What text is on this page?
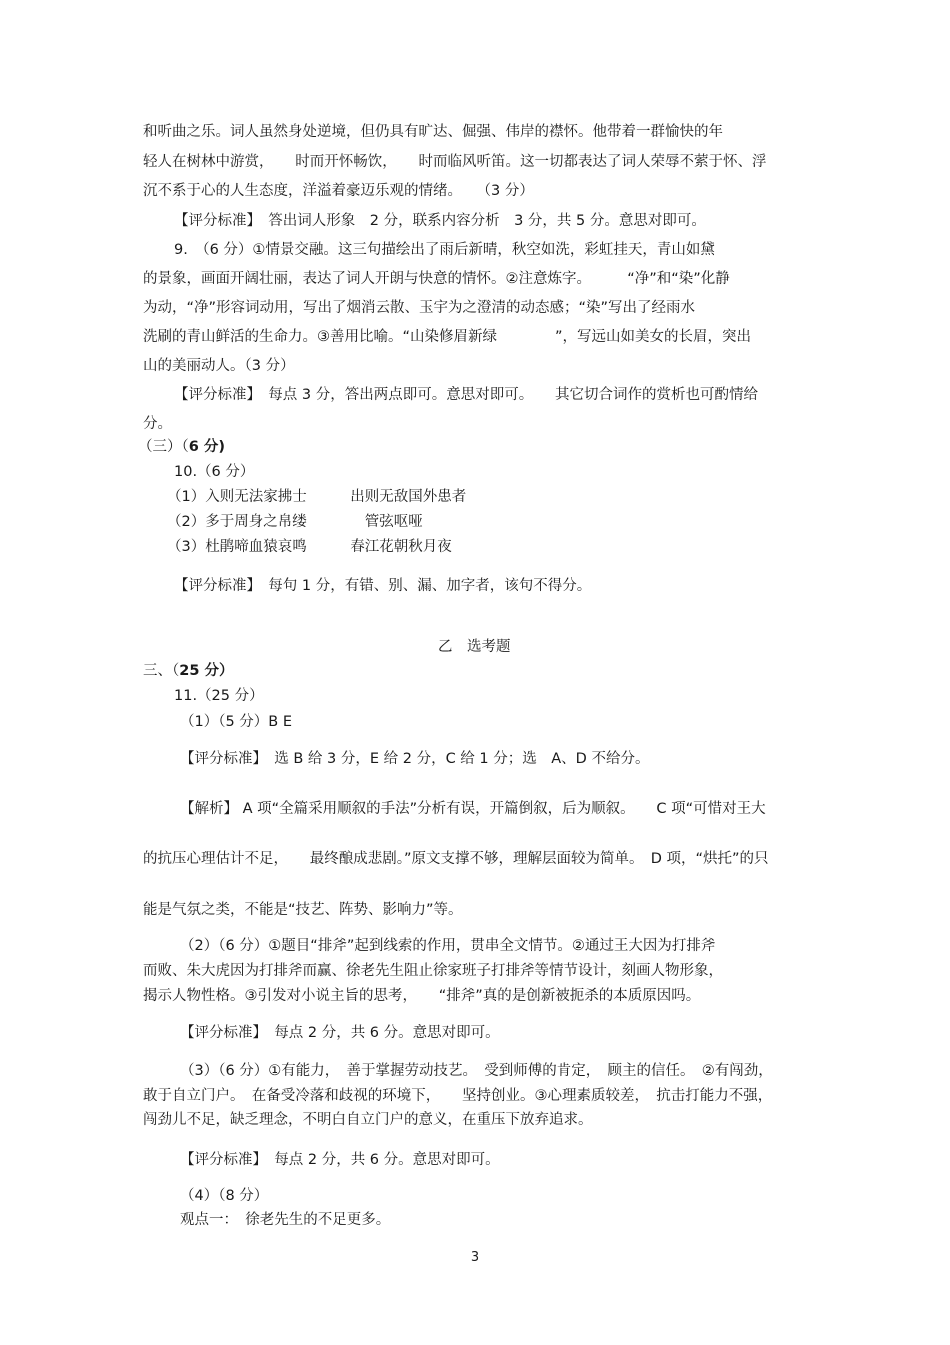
和听曲之乐。词人虽然身处逆境，但仍具有旷达、倔强、伟岸的襟怀。他带着一群愉快的年
轻人在树林中游赏，　　时而开怀畅饮，　　时而临风听笛。这一切都表达了词人荣辱不萦于怀、浮
沉不系于心的人生态度，洋溢着豪迈乐观的情绪。　　（3 分）
【评分标准】　答出词人形象　2 分，联系内容分析　3 分，共 5 分。意思对即可。
9.　（6 分）①情景交融。这三句描绘出了雨后新晴，秋空如洗，彩虹挂天，青山如黛
的景象，画面开阔壮丽，表达了词人开朗与快意的情怀。②注意炼字。　　　“净”和“染”化静
为动，“净”形容词动用，写出了烟消云散、玉宇为之澄清的动态感；“染”写出了经雨水
洗刷的青山鲜活的生命力。③善用比喻。“山染修眉新绿　　　　”，写远山如美女的长眉，突出
山的美丽动人。（3 分）
【评分标准】　每点 3 分，答出两点即可。意思对即可。　　其它切合词作的赏析也可酌情给
分。
（三）（6 分)
10.（6 分）
（1）入则无法家拂士　　　出则无敌国外患者
（2）多于周身之帛缕　　　　管弦呕哑
（3）杜鹃啼血猿哀鸣　　　春江花朝秋月夜
【评分标准】　每句 1 分，有错、别、漏、加字者，该句不得分。
乙　选考题
三、（25 分）
11.（25 分）
（1）（5 分）B E
【评分标准】　选 B 给 3 分，E 给 2 分，C 给 1 分；选　A、D 不给分。
【解析】 A 项“全篇采用顺叙的手法”分析有误，开篇倒叙，后为顺叙。　　C 项“可惜对王大
的抗压心理估计不足，　　最终酿成悲剧。”原文支撑不够，理解层面较为简单。　D 项，“烘托”的只
能是气氛之类，不能是“技艺、阵势、影响力”等。
（2）（6 分）①题目“排斧”起到线索的作用，贯串全文情节。②通过王大因为打排斧
而败、朱大虎因为打排斧而赢、徐老先生阻止徐家班子打排斧等情节设计，刻画人物形象，
揭示人物性格。③引发对小说主旨的思考，　　“排斧”真的是创新被扼杀的本质原因吗。
【评分标准】　每点 2 分，共 6 分。意思对即可。
（3）（6 分）①有能力，　善于掌握劳动技艺。　受到师傅的肯定，　顾主的信任。　②有闯劲，
敢于自立门户。　在备受冷落和歧视的环境下，　　坚持创业。③心理素质较差，　抗击打能力不强，
闯劲儿不足，缺乏理念，不明白自立门户的意义，在重压下放弃追求。
【评分标准】　每点 2 分，共 6 分。意思对即可。
（4）（8 分）
观点一：　徐老先生的不足更多。
3
